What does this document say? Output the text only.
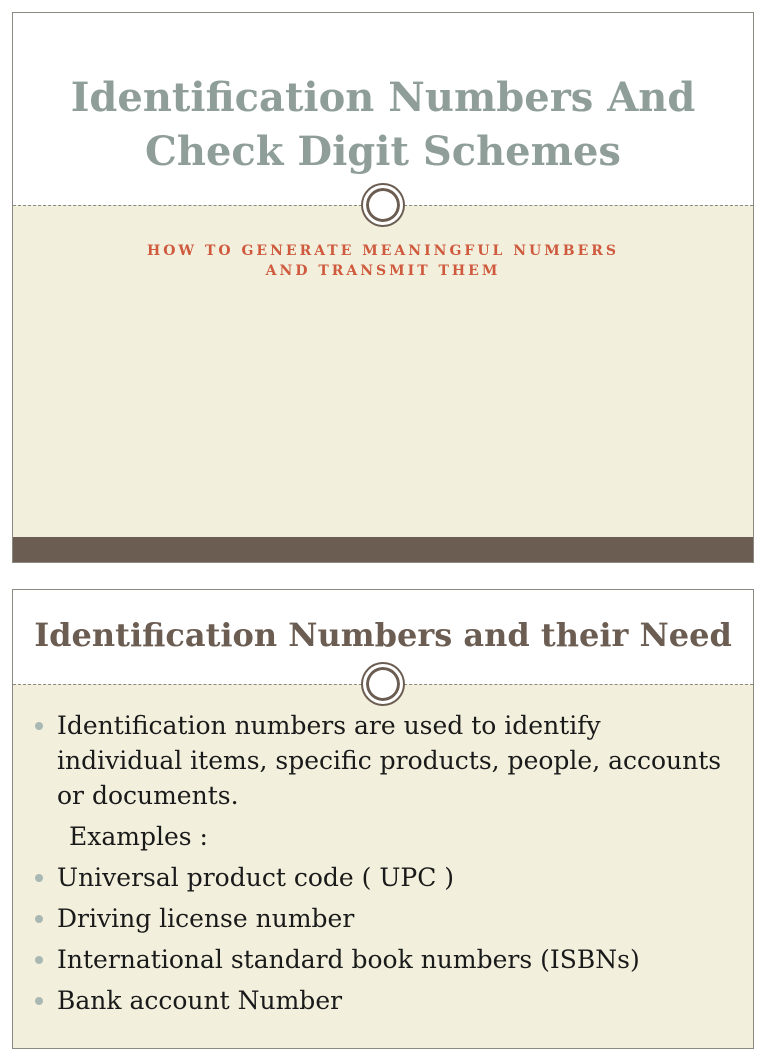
Identification Numbers And
Check Digit Schemes
HOW TO GENERATE MEANINGFUL NUMBERS
AND TRANSMIT THEM
Identification Numbers and their Need
Identification numbers are used to identify individual items, specific products, people, accounts or documents.
Examples :
Universal product code ( UPC )
Driving license number
International standard book numbers (ISBNs)
Bank account Number
